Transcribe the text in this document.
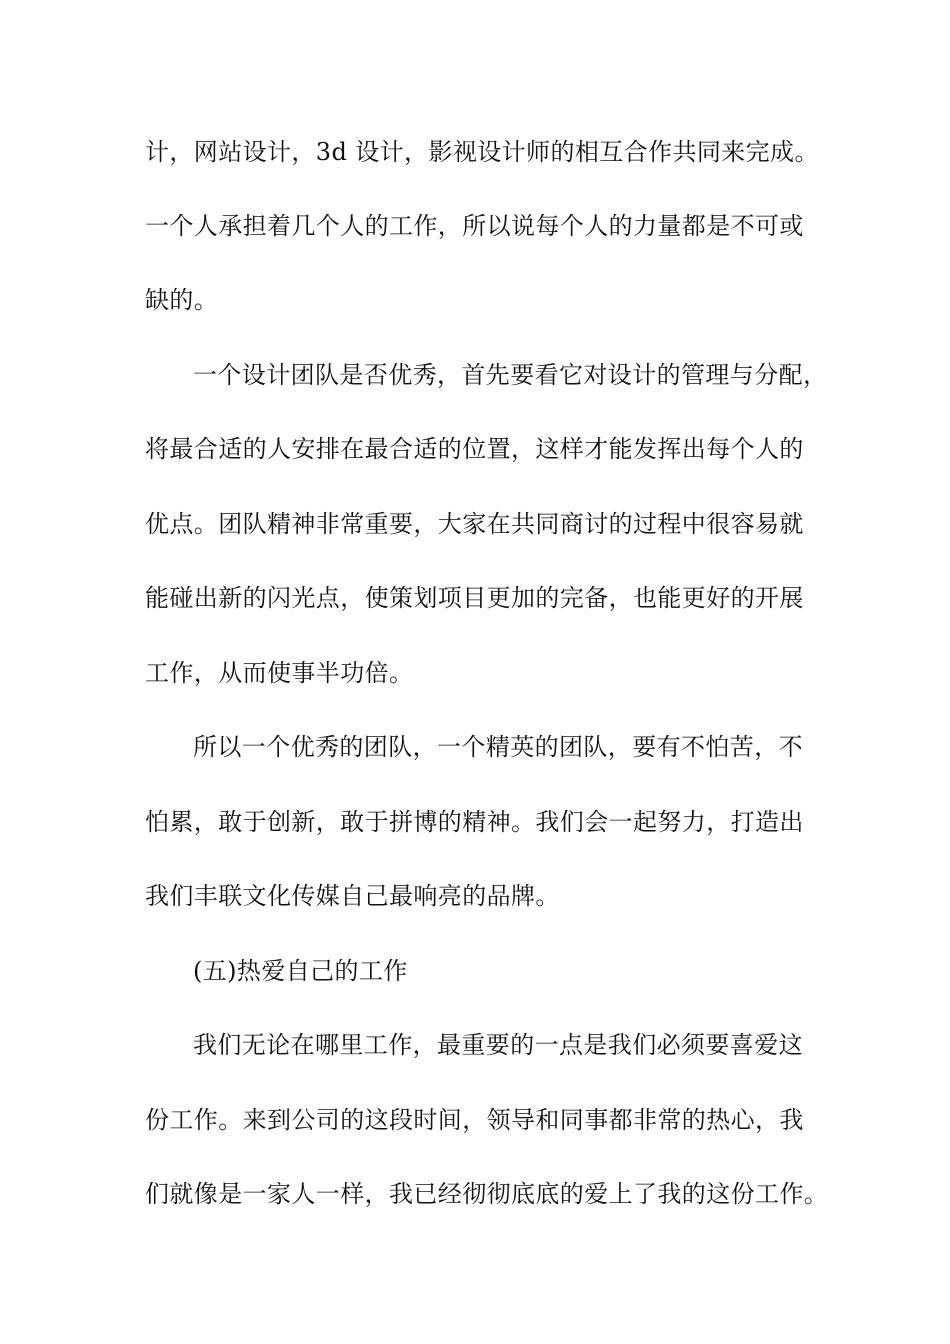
计，网站设计，3d 设计，影视设计师的相互合作共同来完成。
一个人承担着几个人的工作，所以说每个人的力量都是不可或
缺的。
一个设计团队是否优秀，首先要看它对设计的管理与分配，
将最合适的人安排在最合适的位置，这样才能发挥出每个人的
优点。团队精神非常重要，大家在共同商讨的过程中很容易就
能碰出新的闪光点，使策划项目更加的完备，也能更好的开展
工作，从而使事半功倍。
所以一个优秀的团队，一个精英的团队，要有不怕苦，不
怕累，敢于创新，敢于拼博的精神。我们会一起努力，打造出
我们丰联文化传媒自己最响亮的品牌。
(五)热爱自己的工作
我们无论在哪里工作，最重要的一点是我们必须要喜爱这
份工作。来到公司的这段时间，领导和同事都非常的热心，我
们就像是一家人一样，我已经彻彻底底的爱上了我的这份工作。
